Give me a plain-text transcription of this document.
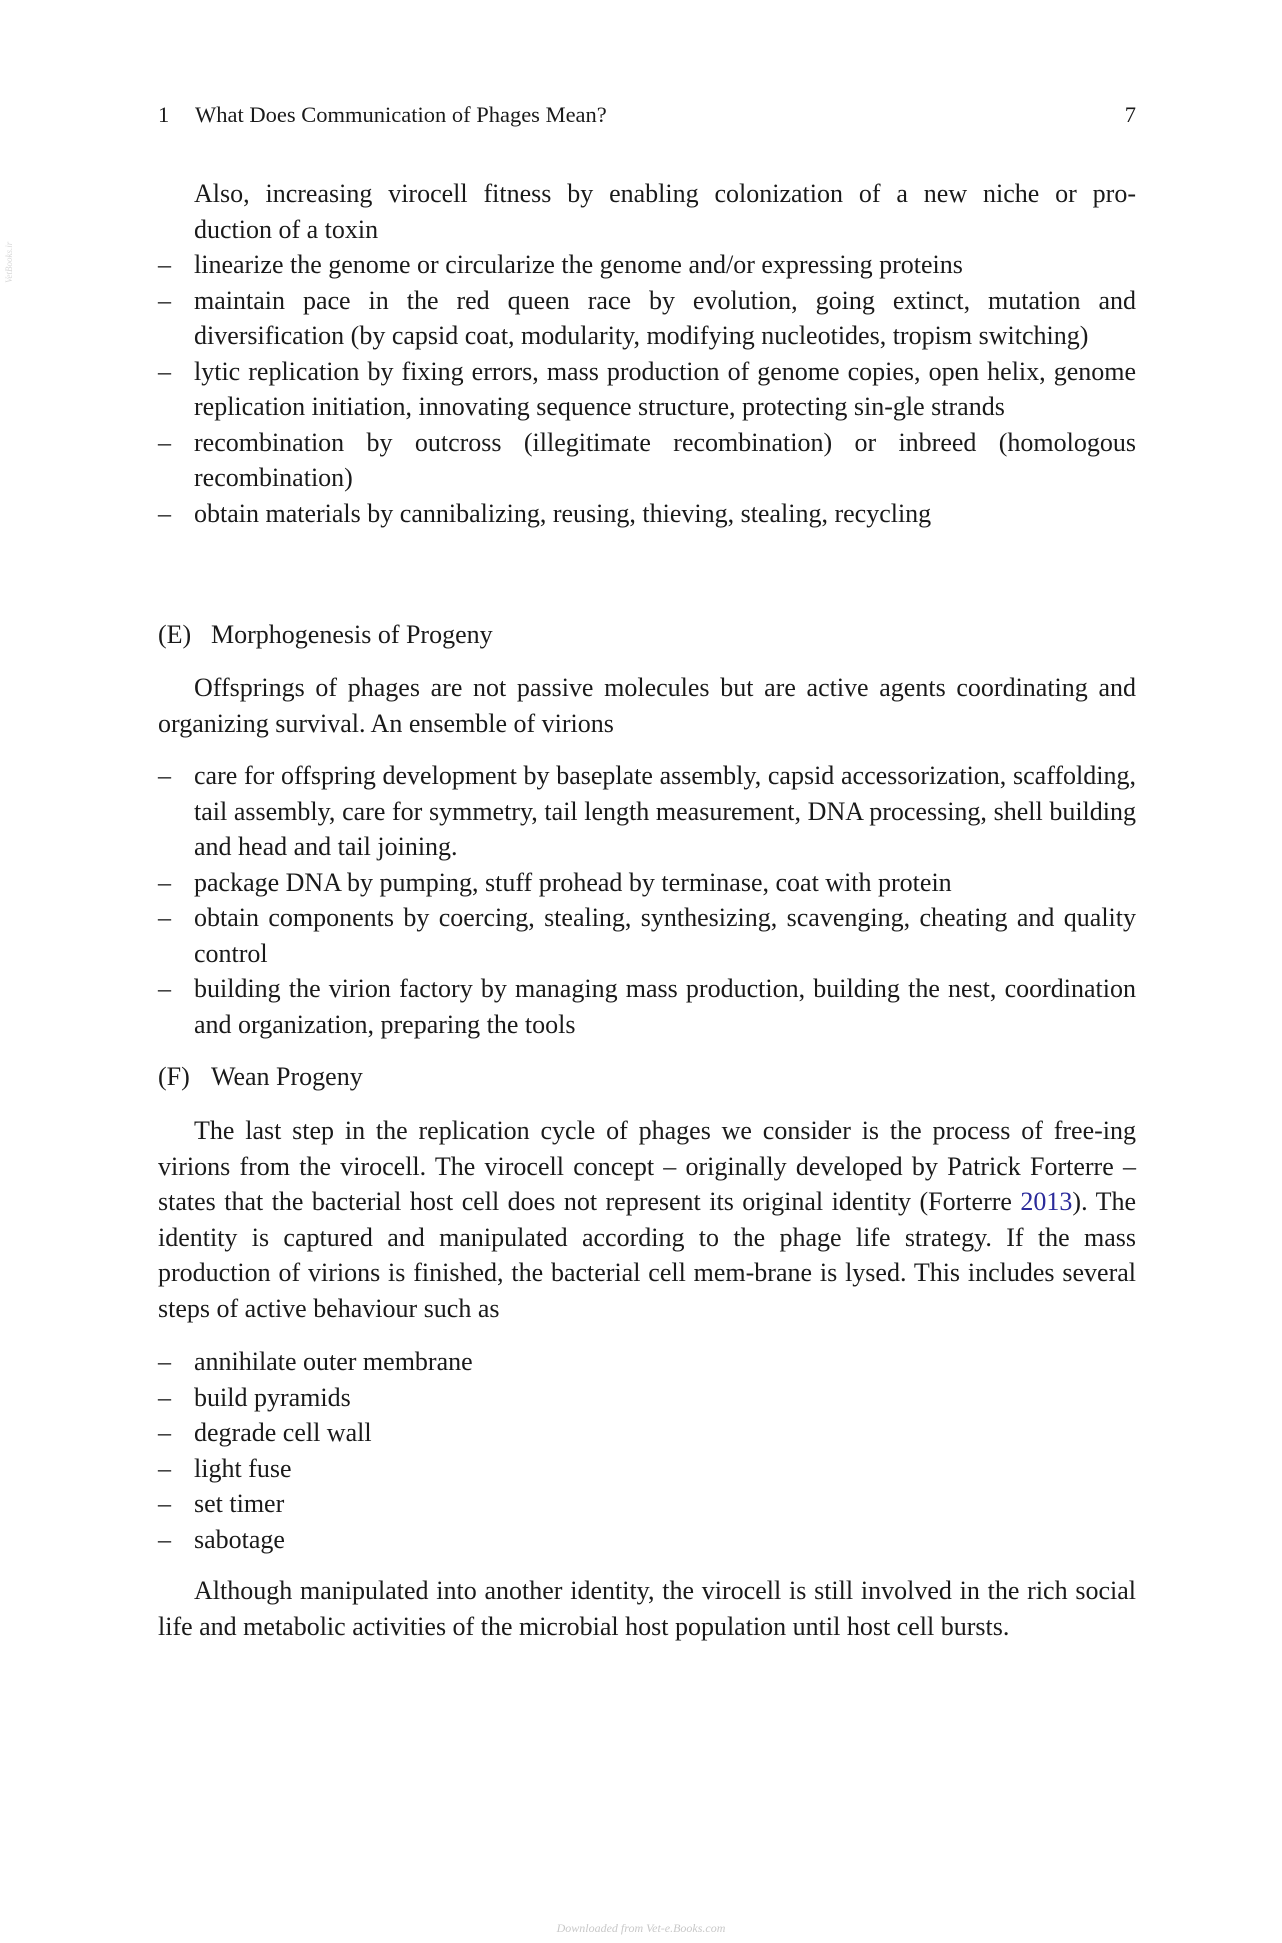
VetBooks.ir
1 What Does Communication of Phages Mean?	7
Also, increasing virocell fitness by enabling colonization of a new niche or pro-
duction of a toxin
– linearize the genome or circularize the genome and/or expressing proteins
– maintain pace in the red queen race by evolution, going extinct, mutation and diversification (by capsid coat, modularity, modifying nucleotides, tropism switching)
– lytic replication by fixing errors, mass production of genome copies, open helix, genome replication initiation, innovating sequence structure, protecting sin-gle strands
– recombination by outcross (illegitimate recombination) or inbreed (homologous recombination)
– obtain materials by cannibalizing, reusing, thieving, stealing, recycling

(E) Morphogenesis of Progeny

Offsprings of phages are not passive molecules but are active agents coordinating and organizing survival. An ensemble of virions

– care for offspring development by baseplate assembly, capsid accessorization, scaffolding, tail assembly, care for symmetry, tail length measurement, DNA processing, shell building and head and tail joining.
– package DNA by pumping, stuff prohead by terminase, coat with protein
– obtain components by coercing, stealing, synthesizing, scavenging, cheating and quality control
– building the virion factory by managing mass production, building the nest, coordination and organization, preparing the tools

(F) Wean Progeny

The last step in the replication cycle of phages we consider is the process of free-ing virions from the virocell. The virocell concept – originally developed by Patrick Forterre – states that the bacterial host cell does not represent its original identity (Forterre 2013). The identity is captured and manipulated according to the phage life strategy. If the mass production of virions is finished, the bacterial cell mem-brane is lysed. This includes several steps of active behaviour such as

– annihilate outer membrane
– build pyramids
– degrade cell wall
– light fuse
– set timer
– sabotage

Although manipulated into another identity, the virocell is still involved in the rich social life and metabolic activities of the microbial host population until host cell bursts.

Downloaded from Vet-e.Books.com
